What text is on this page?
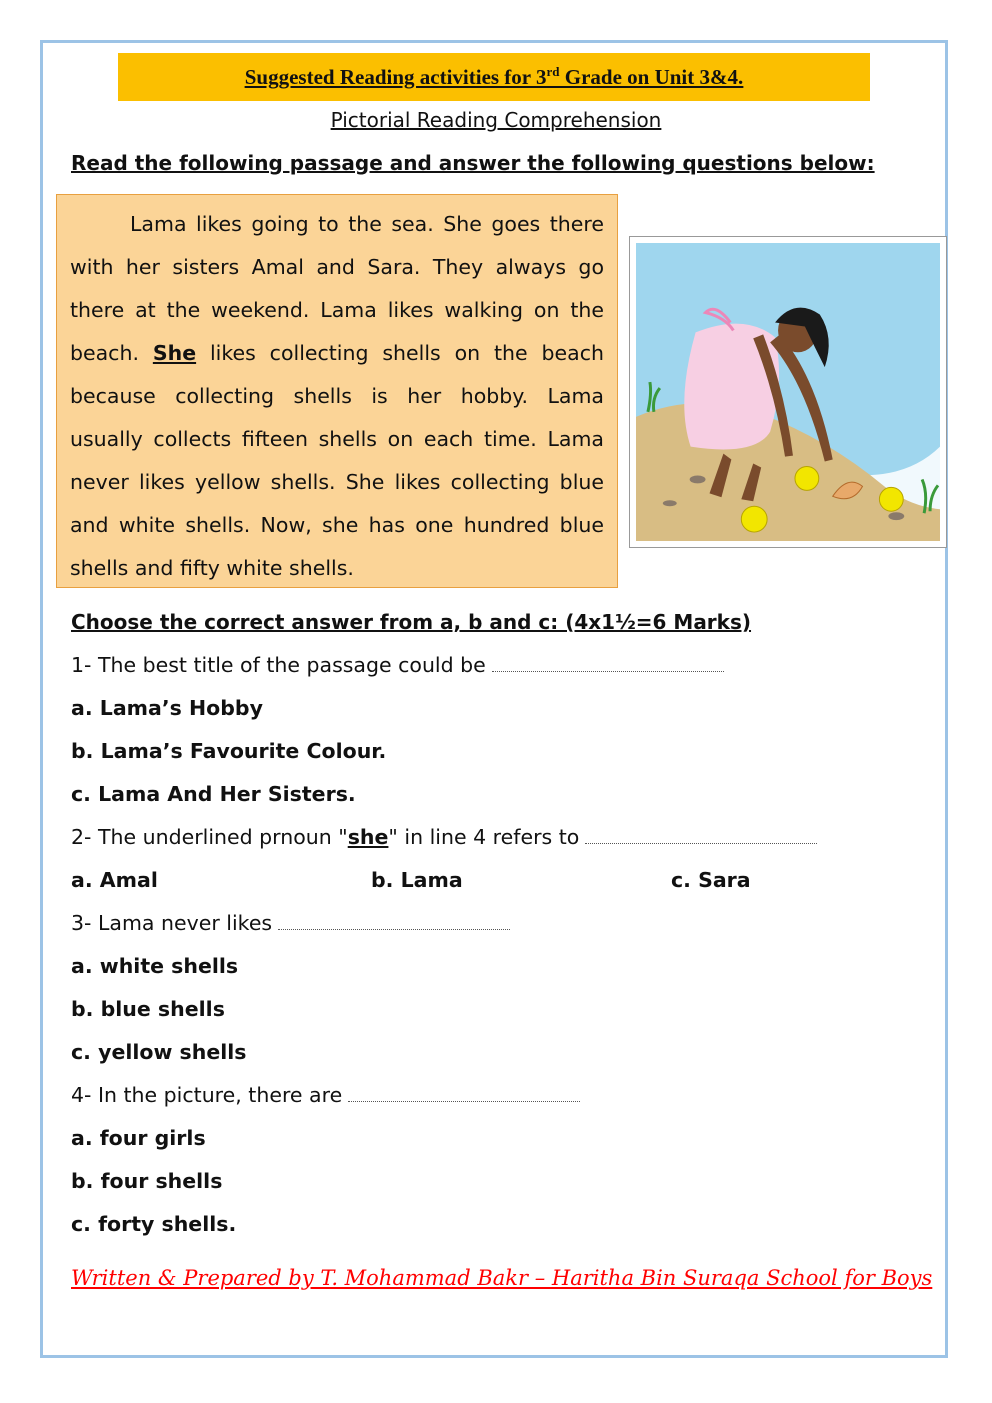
Suggested Reading activities for 3rd Grade on Unit 3&4.
Pictorial Reading Comprehension
Read the following passage and answer the following questions below:

Lama likes going to the sea. She goes there with her sisters Amal and Sara. They always go there at the weekend. Lama likes walking on the beach. She likes collecting shells on the beach because collecting shells is her hobby. Lama usually collects fifteen shells on each time. Lama never likes yellow shells. She likes collecting blue and white shells. Now, she has one hundred blue shells and fifty white shells.

Choose the correct answer from a, b and c: (4x1½=6 Marks)
1- The best title of the passage could be
a. Lama’s Hobby
b. Lama’s Favourite Colour.
c. Lama And Her Sisters.
2- The underlined prnoun "she" in line 4 refers to
a. Amal	b. Lama	c. Sara
3- Lama never likes
a. white shells
b. blue shells
c. yellow shells
4- In the picture, there are
a. four girls
b. four shells
c. forty shells.
Written & Prepared by T. Mohammad Bakr – Haritha Bin Suraqa School for Boys
